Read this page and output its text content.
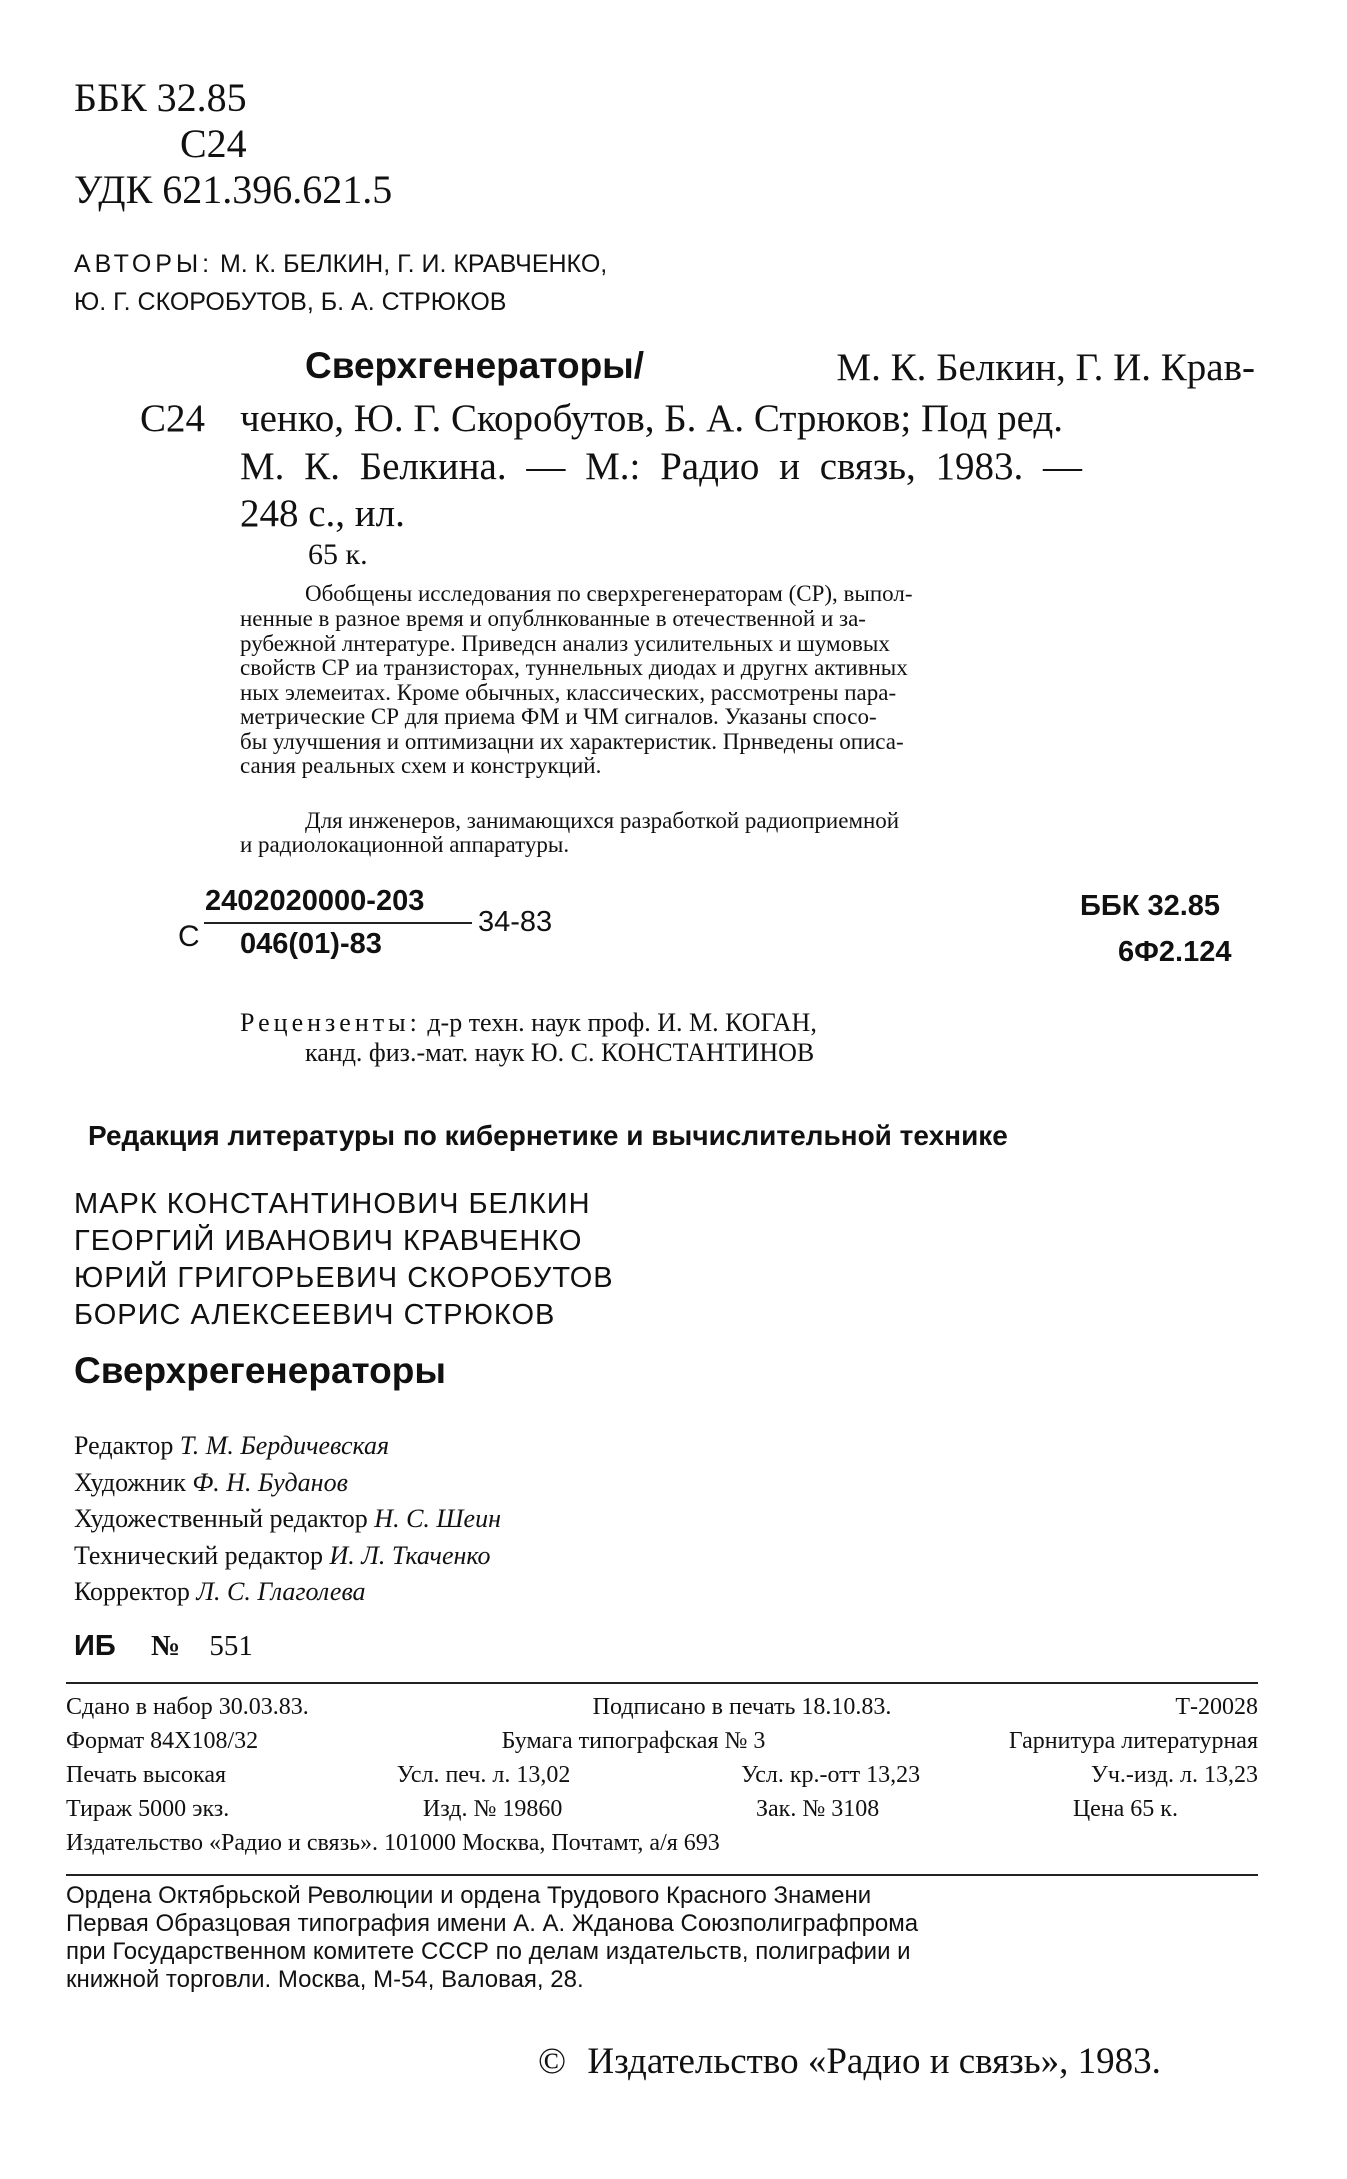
ББК 32.85
С24
УДК 621.396.621.5
АВТОРЫ: М. К. БЕЛКИН, Г. И. КРАВЧЕНКО,
Ю. Г. СКОРОБУТОВ, Б. А. СТРЮКОВ
Сверхгенераторы/	М. К. Белкин, Г. И. Крав-
С24 ченко, Ю. Г. Скоробутов, Б. А. Стрюков; Под ред.
М. К. Белкина. — М.: Радио и связь, 1983. —
248 с., ил.
65 к.
Обобщены исследования по сверхрегенераторам (СР), выпол-
ненные в разное время и опублнкованные в отечественной и за-
рубежной лнтературе. Приведсн анализ усилительных и шумовых
свойств СР иа транзисторах, туннельных диодах и другнх активных
ных элемеитах. Кроме обычных, классических, рассмотрены пара-
метрические СР для приема ФМ и ЧМ сигналов. Указаны спосо-
бы улучшения и оптимизацни их характеристик. Прнведены описа-
сания реальных схем и конструкций.
Для инженеров, занимающихся разработкой радиоприемной
и радиолокационной аппаратуры.
С
2402020000-203
046(01)-83
34-83	ББК 32.85
6Ф2.124
Рецензенты: д-р техн. наук проф. И. М. КОГАН,
канд. физ.-мат. наук Ю. С. КОНСТАНТИНОВ
Редакция литературы по кибернетике и вычислительной технике
МАРК КОНСТАНТИНОВИЧ БЕЛКИН
ГЕОРГИЙ ИВАНОВИЧ КРАВЧЕНКО
ЮРИЙ ГРИГОРЬЕВИЧ СКОРОБУТОВ
БОРИС АЛЕКСЕЕВИЧ СТРЮКОВ
Сверхрегенераторы
Редактор Т. М. Бердичевская
Художник Ф. Н. Буданов
Художественный редактор Н. С. Шеин
Технический редактор И. Л. Ткаченко
Корректор Л. С. Глаголева
ИБ № 551
Сдано в набор 30.03.83.	Подписано в печать 18.10.83.	Т-20028
Формат 84Х108/32	Бумага типографская № 3	Гарнитура литературная
Печать высокая	Усл. печ. л. 13,02	Усл. кр.-отт 13,23	Уч.-изд. л. 13,23
Тираж 5000 экз.	Изд. № 19860	Зак. № 3108	Цена 65 к.
Издательство «Радио и связь». 101000 Москва, Почтамт, а/я 693
Ордена Октябрьской Революции и ордена Трудового Красного Знамени
Первая Образцовая типография имени А. А. Жданова Союзполиграфпрома
при Государственном комитете СССР по делам издательств, полиграфии и
книжной торговли. Москва, М-54, Валовая, 28.
© Издательство «Радио и связь», 1983.
